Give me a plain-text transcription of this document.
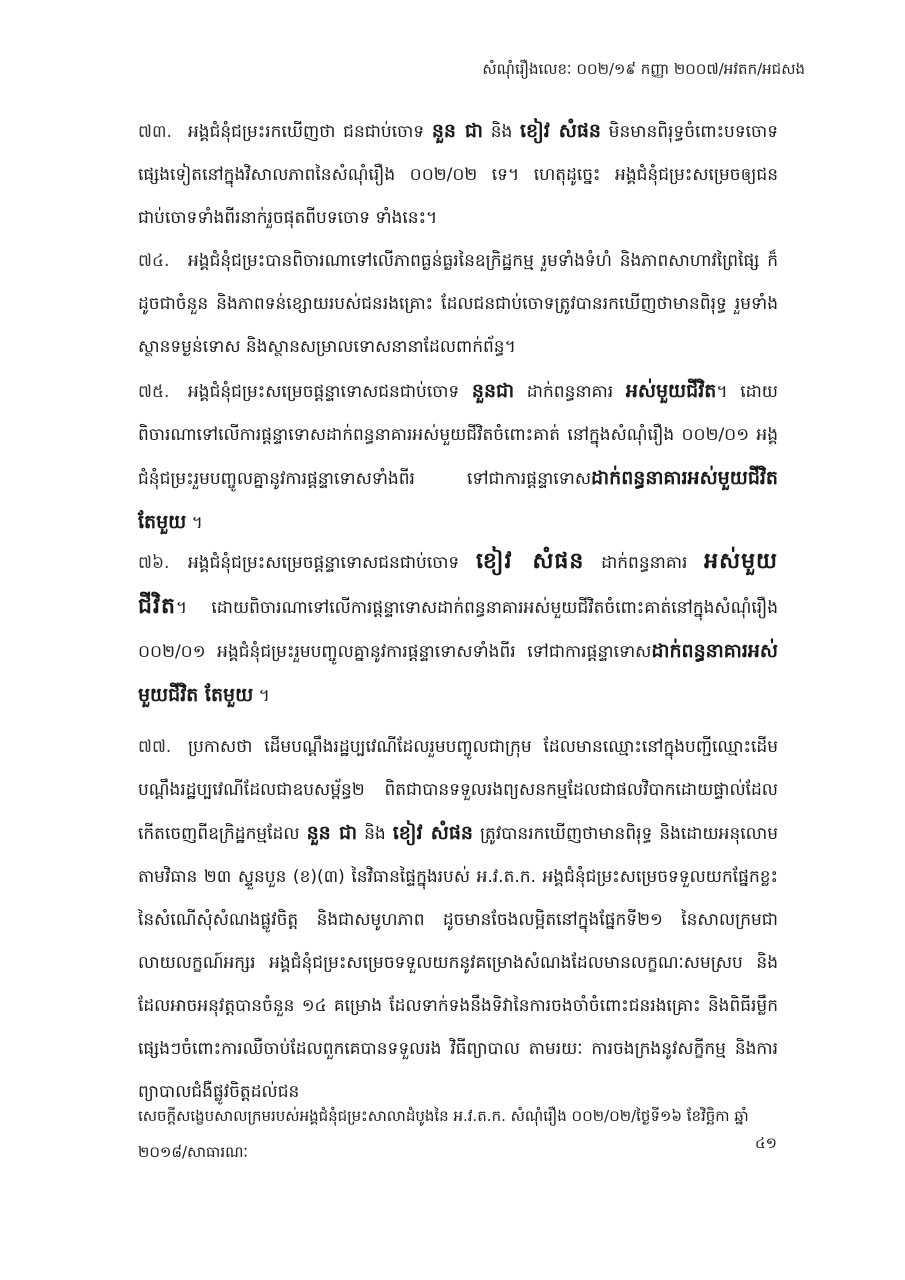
សំណុំរឿងលេខៈ ០០២/១៩ កញ្ញា ២០០៧/អវតក/អជសង
៧៣. អង្គជំនុំជម្រះរកឃើញថា ជនជាប់ចោទ នួន ជា និង ខៀវ សំផន មិនមានពិរុទ្ធចំពោះបទចោទផ្សេងទៀតនៅក្នុងវិសាលភាពនៃសំណុំរឿង ០០២/០២ ទេ។ ហេតុដូច្នេះ អង្គជំនុំជម្រះសម្រេចឲ្យជនជាប់ចោទទាំងពីរនាក់រួចផុតពីបទចោទ ទាំងនេះ។
៧៤. អង្គជំនុំជម្រះបានពិចារណាទៅលើភាពធ្ងន់ធ្ងរនៃឧក្រិដ្ឋកម្ម រួមទាំងទំហំ និងភាពសាហាវព្រៃផ្សៃ ក៏ដូចជាចំនួន និងភាពទន់ខ្សោយរបស់ជនរងគ្រោះ ដែលជនជាប់ចោទត្រូវបានរកឃើញថាមានពិរុទ្ធ រួមទាំងស្ថានទម្ងន់ទោស និងស្ថានសម្រាលទោសនានាដែលពាក់ព័ន្ធ។
៧៥. អង្គជំនុំជម្រះសម្រេចផ្តន្ទាទោសជនជាប់ចោទ នួនជា ដាក់ពន្ធនាគារ អស់មួយជីវិត។ ដោយពិចារណាទៅលើការផ្តន្ទាទោសដាក់ពន្ធនាគារអស់មួយជីវិតចំពោះគាត់ នៅក្នុងសំណុំរឿង ០០២/០១ អង្គជំនុំជម្រះរួមបញ្ចូលគ្នានូវការផ្តន្ទាទោសទាំងពីរ ទៅជាការផ្តន្ទាទោសដាក់ពន្ធនាគារអស់មួយជីវិត តែមួយ ។
៧៦. អង្គជំនុំជម្រះសម្រេចផ្តន្ទាទោសជនជាប់ចោទ ខៀវ សំផន ដាក់ពន្ធនាគារ អស់មួយជីវិត។ ដោយពិចារណាទៅលើការផ្តន្ទាទោសដាក់ពន្ធនាគារអស់មួយជីវិតចំពោះគាត់នៅក្នុងសំណុំរឿង ០០២/០១ អង្គជំនុំជម្រះរួមបញ្ចូលគ្នានូវការផ្តន្ទាទោសទាំងពីរ ទៅជាការផ្តន្ទាទោសដាក់ពន្ធនាគារអស់មួយជីវិត តែមួយ ។
៧៧. ប្រកាសថា ដើមបណ្តឹងរដ្ឋប្បវេណីដែលរួមបញ្ចូលជាក្រុម ដែលមានឈ្មោះនៅក្នុងបញ្ជីឈ្មោះដើមបណ្តឹងរដ្ឋប្បវេណីដែលជាឧបសម្ព័ន្ធ២ ពិតជាបានទទួលរងព្យសនកម្មដែលជាផលវិបាកដោយផ្ទាល់ដែលកើតចេញពីឧក្រិដ្ឋកម្មដែល នួន ជា និង ខៀវ សំផន ត្រូវបានរកឃើញថាមានពិរុទ្ធ និងដោយអនុលោមតាមវិធាន ២៣ ស្ទួនបួន (ខ)(៣) នៃវិធានផ្ទៃក្នុងរបស់ អ.វ.ត.ក. អង្គជំនុំជម្រះសម្រេចទទួលយកផ្នែកខ្លះនៃសំណើសុំសំណងផ្លូវចិត្ត និងជាសមូហភាព ដូចមានចែងលម្អិតនៅក្នុងផ្នែកទី២១ នៃសាលក្រមជាលាយលក្ខណ៍អក្សរ អង្គជំនុំជម្រះសម្រេចទទួលយកនូវគម្រោងសំណងដែលមានលក្ខណៈសមស្រប និងដែលអាចអនុវត្តបានចំនួន ១៤ គម្រោង ដែលទាក់ទងនឹងទិវានៃការចងចាំចំពោះជនរងគ្រោះ និងពិធីរម្លឹកផ្សេងៗចំពោះការឈឺចាប់ដែលពួកគេបានទទួលរង វិធីព្យាបាល តាមរយៈ ការចងក្រងនូវសក្ខីកម្ម និងការព្យាបាលជំងឺផ្លូវចិត្តដល់ជន
សេចក្តីសង្ខេបសាលក្រមរបស់អង្គជំនុំជម្រះសាលាដំបូងនៃ អ.វ.ត.ក. សំណុំរឿង ០០២/០២/ថ្ងៃទី១៦ ខែវិច្ឆិកា ឆ្នាំ ២០១៨/សាធារណៈ	៤១
